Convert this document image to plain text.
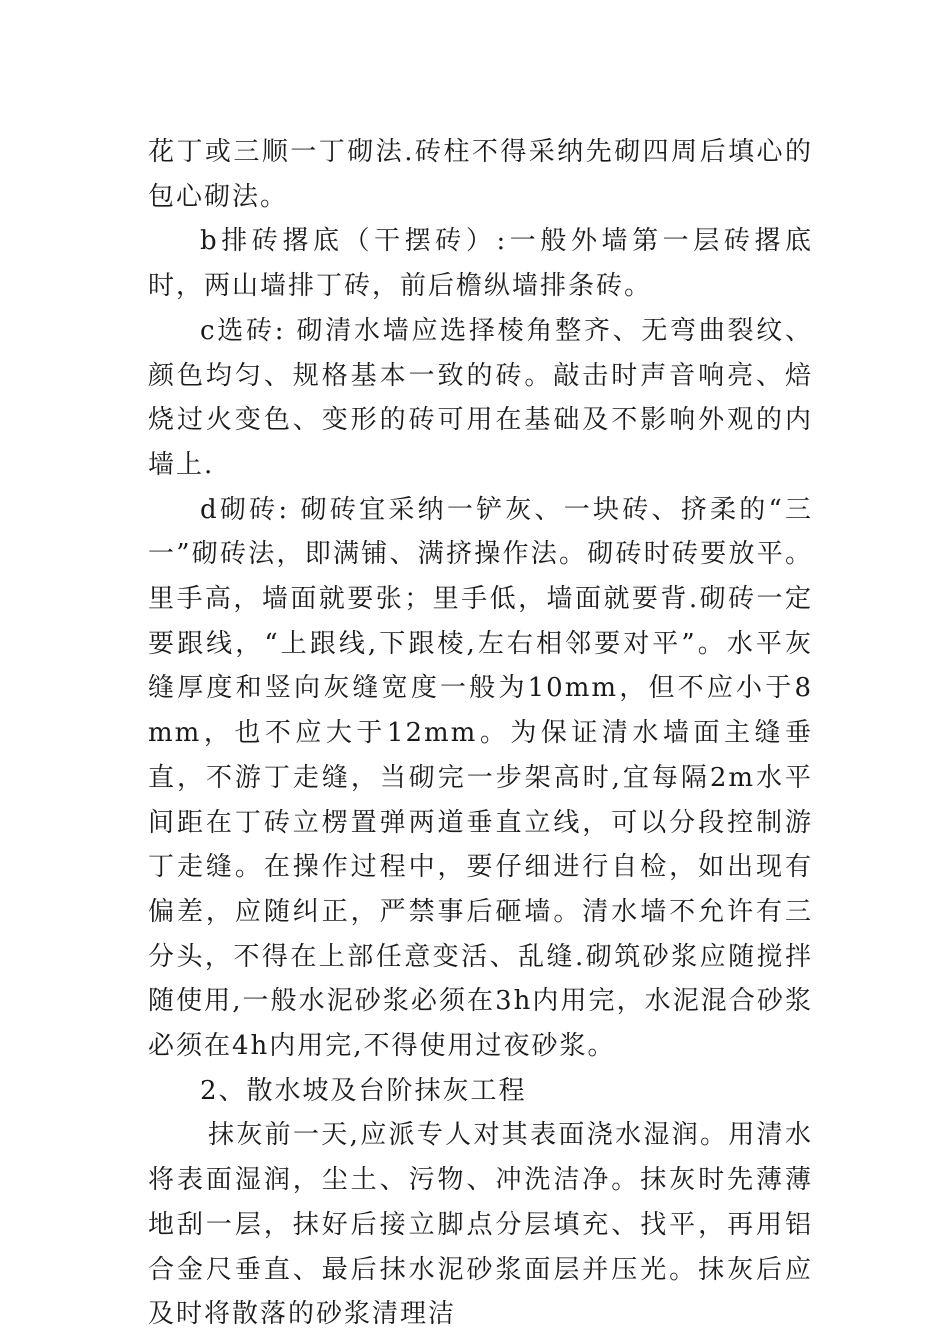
花丁或三顺一丁砌法.砖柱不得采纳先砌四周后填心的包心砌法。

b排砖撂底（干摆砖）:一般外墙第一层砖撂底时，两山墙排丁砖，前后檐纵墙排条砖。

c选砖: 砌清水墙应选择棱角整齐、无弯曲裂纹、颜色均匀、规格基本一致的砖。敲击时声音响亮、焙烧过火变色、变形的砖可用在基础及不影响外观的内墙上.

d砌砖: 砌砖宜采纳一铲灰、一块砖、挤柔的“三一”砌砖法，即满铺、满挤操作法。砌砖时砖要放平。里手高，墙面就要张；里手低，墙面就要背.砌砖一定要跟线，“上跟线,下跟棱,左右相邻要对平”。水平灰缝厚度和竖向灰缝宽度一般为10mm，但不应小于8mm，也不应大于12mm。为保证清水墙面主缝垂直，不游丁走缝，当砌完一步架高时,宜每隔2m水平间距在丁砖立楞置弹两道垂直立线，可以分段控制游丁走缝。在操作过程中，要仔细进行自检，如出现有偏差，应随纠正，严禁事后砸墙。清水墙不允许有三分头，不得在上部任意变活、乱缝.砌筑砂浆应随搅拌随使用,一般水泥砂浆必须在3h内用完，水泥混合砂浆必须在4h内用完,不得使用过夜砂浆。

2、散水坡及台阶抹灰工程

抹灰前一天,应派专人对其表面浇水湿润。用清水将表面湿润，尘土、污物、冲洗洁净。抹灰时先薄薄地刮一层，抹好后接立脚点分层填充、找平，再用铝合金尺垂直、最后抹水泥砂浆面层并压光。抹灰后应及时将散落的砂浆清理洁
